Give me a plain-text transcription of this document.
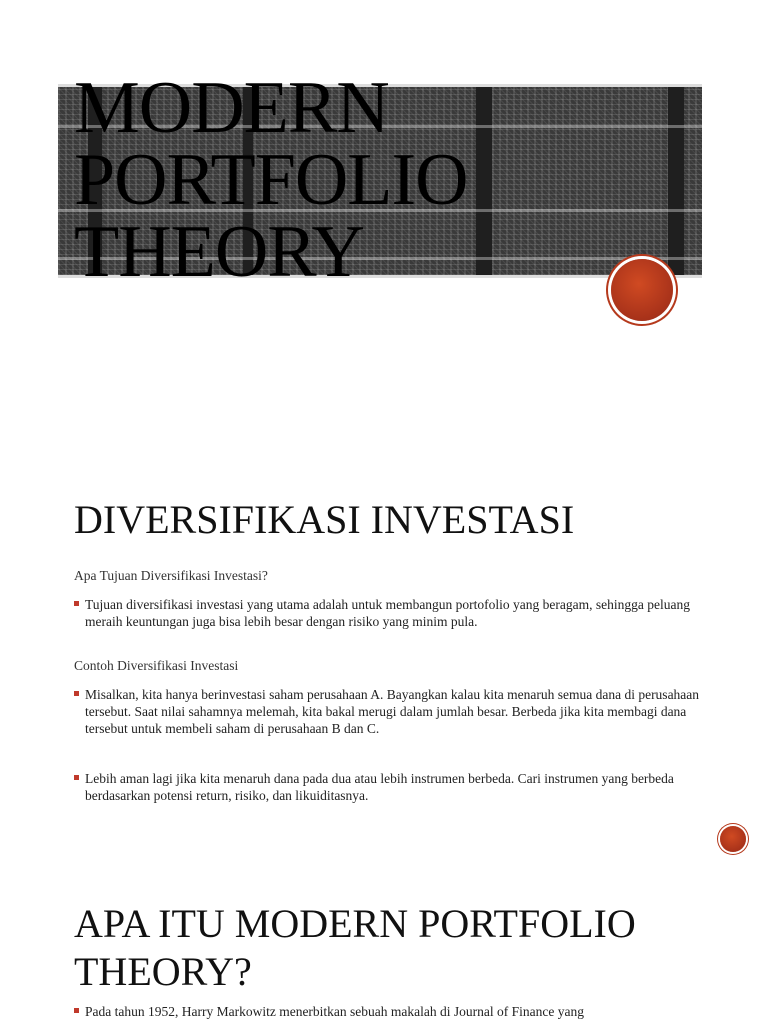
MODERN
PORTFOLIO
THEORY
DIVERSIFIKASI INVESTASI

Apa Tujuan Diversifikasi Investasi?

Tujuan diversifikasi investasi yang utama adalah untuk membangun portofolio yang beragam, sehingga peluang meraih keuntungan juga bisa lebih besar dengan risiko yang minim pula.

Contoh Diversifikasi Investasi

Misalkan, kita hanya berinvestasi saham perusahaan A. Bayangkan kalau kita menaruh semua dana di perusahaan tersebut. Saat nilai sahamnya melemah, kita bakal merugi dalam jumlah besar. Berbeda jika kita membagi dana tersebut untuk membeli saham di perusahaan B dan C.

Lebih aman lagi jika kita menaruh dana pada dua atau lebih instrumen berbeda. Cari instrumen yang berbeda berdasarkan potensi return, risiko, dan likuiditasnya.

APA ITU MODERN PORTFOLIO THEORY?

Pada tahun 1952, Harry Markowitz menerbitkan sebuah makalah di Journal of Finance yang
